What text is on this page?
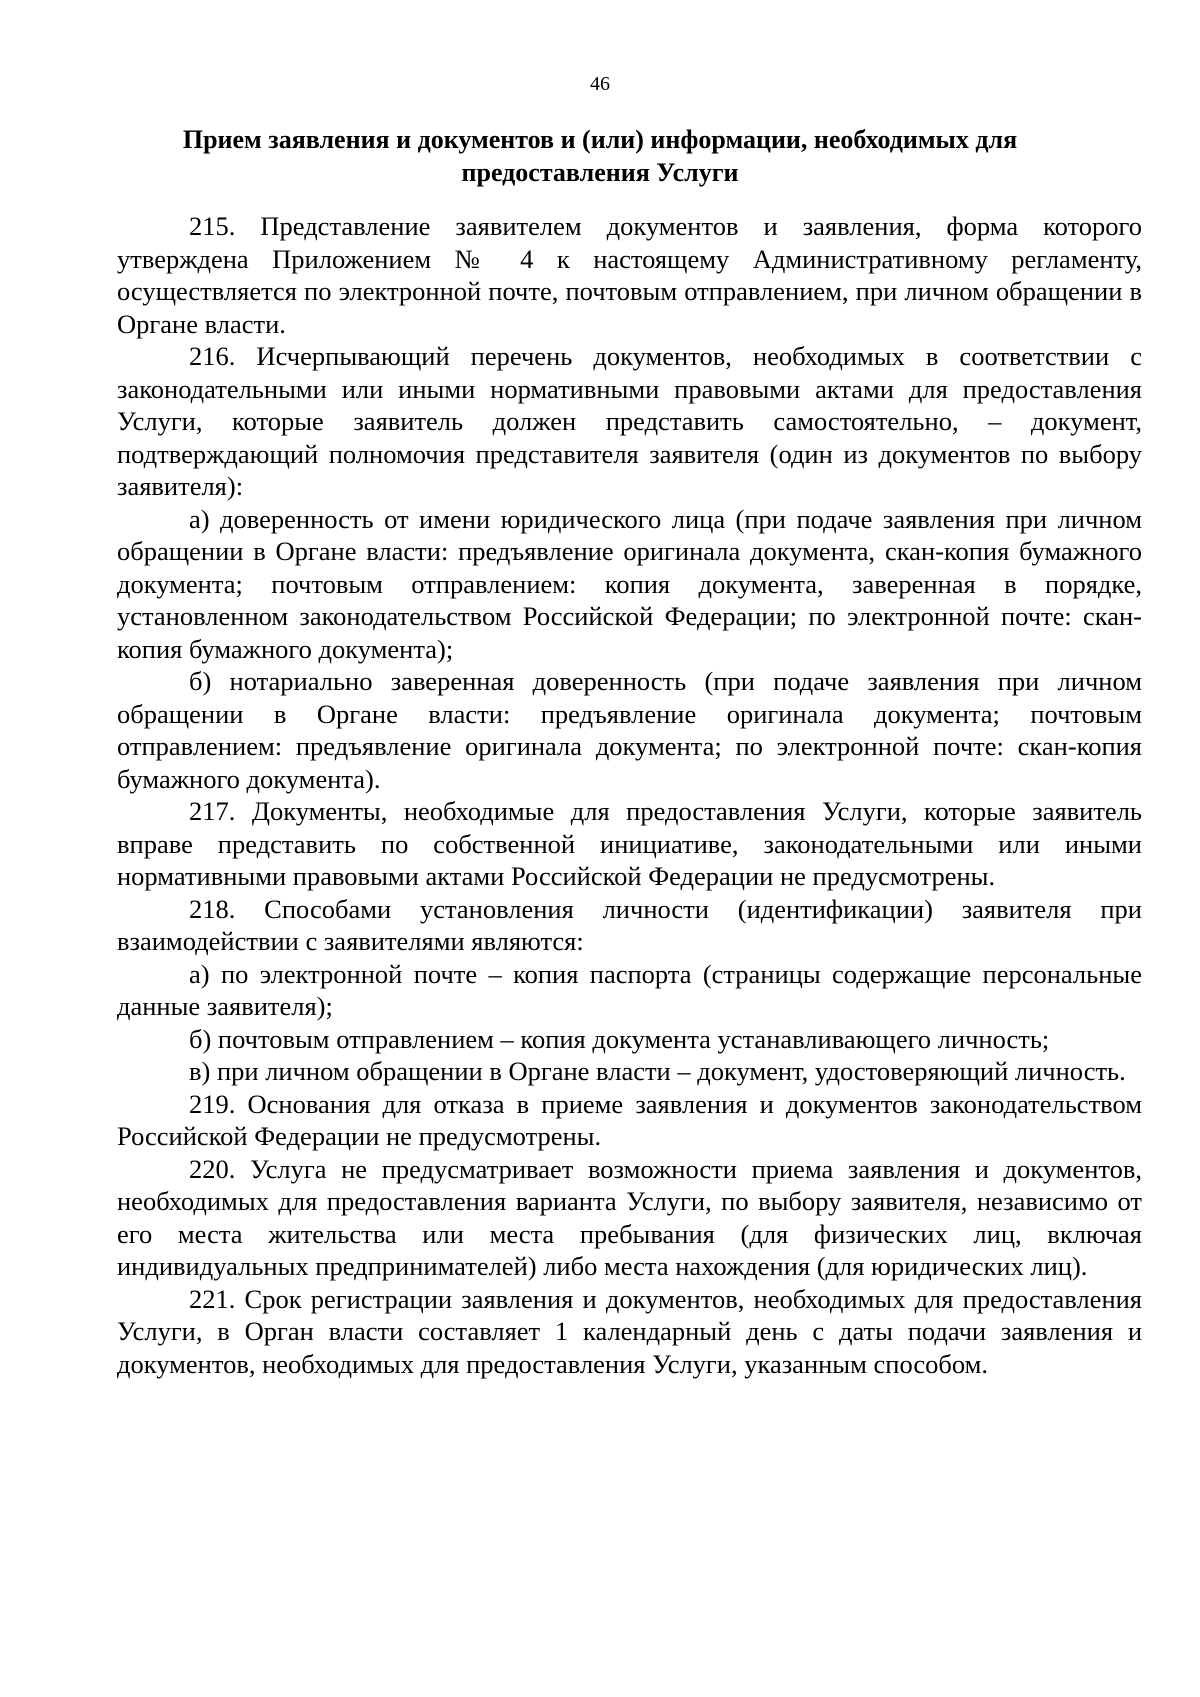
46
Прием заявления и документов и (или) информации, необходимых для предоставления Услуги

215. Представление заявителем документов и заявления, форма которого утверждена Приложением № 4 к настоящему Административному регламенту, осуществляется по электронной почте, почтовым отправлением, при личном обращении в Органе власти.

216. Исчерпывающий перечень документов, необходимых в соответствии с законодательными или иными нормативными правовыми актами для предоставления Услуги, которые заявитель должен представить самостоятельно, – документ, подтверждающий полномочия представителя заявителя (один из документов по выбору заявителя):

а) доверенность от имени юридического лица (при подаче заявления при личном обращении в Органе власти: предъявление оригинала документа, скан-копия бумажного документа; почтовым отправлением: копия документа, заверенная в порядке, установленном законодательством Российской Федерации; по электронной почте: скан-копия бумажного документа);

б) нотариально заверенная доверенность (при подаче заявления при личном обращении в Органе власти: предъявление оригинала документа; почтовым отправлением: предъявление оригинала документа; по электронной почте: скан-копия бумажного документа).

217. Документы, необходимые для предоставления Услуги, которые заявитель вправе представить по собственной инициативе, законодательными или иными нормативными правовыми актами Российской Федерации не предусмотрены.

218. Способами установления личности (идентификации) заявителя при взаимодействии с заявителями являются:

а) по электронной почте – копия паспорта (страницы содержащие персональные данные заявителя);

б) почтовым отправлением – копия документа устанавливающего личность;

в) при личном обращении в Органе власти – документ, удостоверяющий личность.

219. Основания для отказа в приеме заявления и документов законодательством Российской Федерации не предусмотрены.

220. Услуга не предусматривает возможности приема заявления и документов, необходимых для предоставления варианта Услуги, по выбору заявителя, независимо от его места жительства или места пребывания (для физических лиц, включая индивидуальных предпринимателей) либо места нахождения (для юридических лиц).

221. Срок регистрации заявления и документов, необходимых для предоставления Услуги, в Орган власти составляет 1 календарный день с даты подачи заявления и документов, необходимых для предоставления Услуги, указанным способом.
